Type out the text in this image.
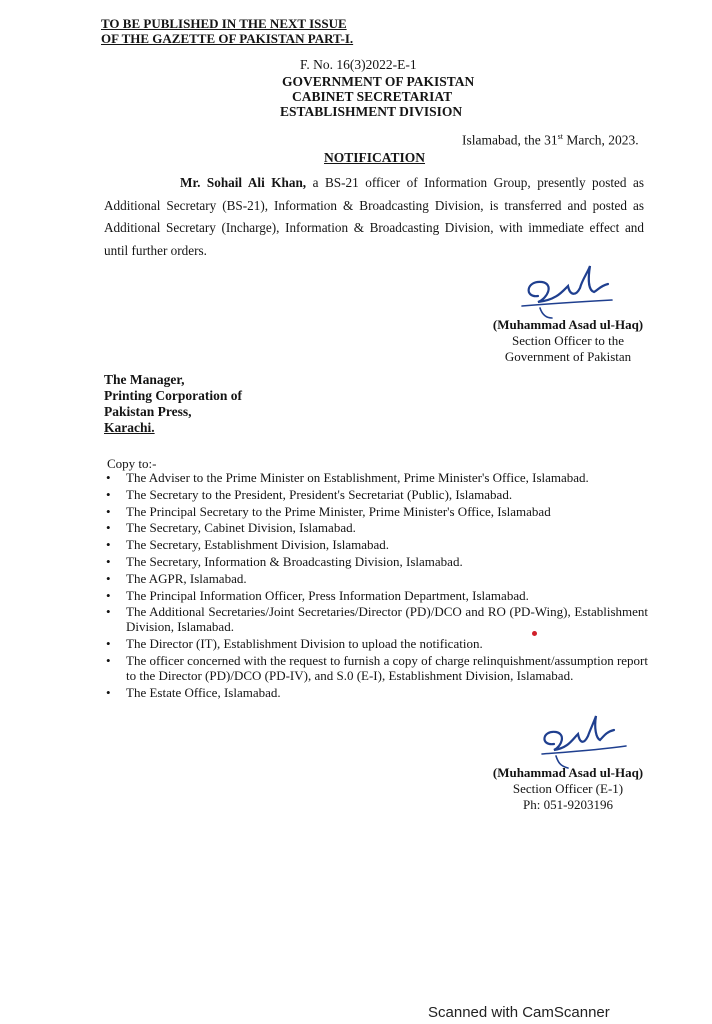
TO BE PUBLISHED IN THE NEXT ISSUE
OF THE GAZETTE OF PAKISTAN PART-I.
F. No. 16(3)2022-E-1
GOVERNMENT OF PAKISTAN
CABINET SECRETARIAT
ESTABLISHMENT DIVISION
Islamabad, the 31st March, 2023.
NOTIFICATION
Mr. Sohail Ali Khan, a BS-21 officer of Information Group, presently posted as Additional Secretary (BS-21), Information & Broadcasting Division, is transferred and posted as Additional Secretary (Incharge), Information & Broadcasting Division, with immediate effect and until further orders.
(Muhammad Asad ul-Haq)
Section Officer to the
Government of Pakistan
The Manager,
Printing Corporation of
Pakistan Press,
Karachi.
Copy to:-
• The Adviser to the Prime Minister on Establishment, Prime Minister's Office, Islamabad.
• The Secretary to the President, President's Secretariat (Public), Islamabad.
• The Principal Secretary to the Prime Minister, Prime Minister's Office, Islamabad
• The Secretary, Cabinet Division, Islamabad.
• The Secretary, Establishment Division, Islamabad.
• The Secretary, Information & Broadcasting Division, Islamabad.
• The AGPR, Islamabad.
• The Principal Information Officer, Press Information Department, Islamabad.
• The Additional Secretaries/Joint Secretaries/Director (PD)/DCO and RO (PD-Wing), Establishment Division, Islamabad.
• The Director (IT), Establishment Division to upload the notification.
• The officer concerned with the request to furnish a copy of charge relinquishment/assumption report to the Director (PD)/DCO (PD-IV), and S.0 (E-I), Establishment Division, Islamabad.
• The Estate Office, Islamabad.
(Muhammad Asad ul-Haq)
Section Officer (E-1)
Ph: 051-9203196
Scanned with CamScanner
